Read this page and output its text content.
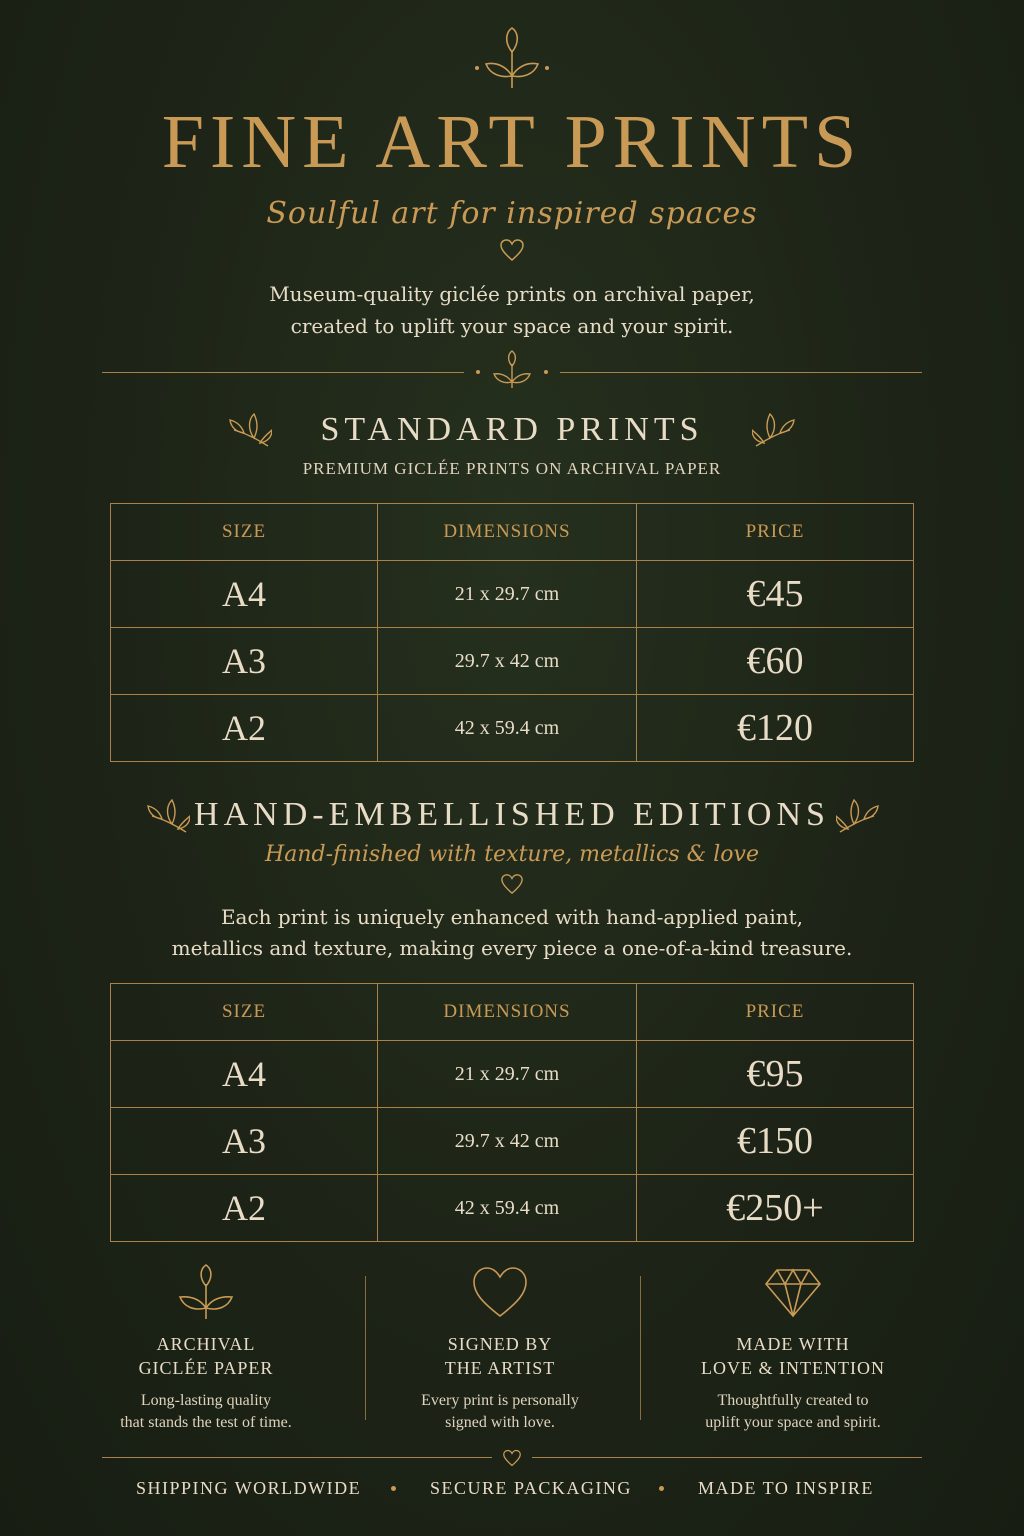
FINE ART PRINTS
Soulful art for inspired spaces
Museum-quality giclée prints on archival paper,
created to uplift your space and your spirit.
STANDARD PRINTS
PREMIUM GICLÉE PRINTS ON ARCHIVAL PAPER
SIZE	DIMENSIONS	PRICE
A4	21 x 29.7 cm	€45
A3	29.7 x 42 cm	€60
A2	42 x 59.4 cm	€120
HAND-EMBELLISHED EDITIONS
Hand-finished with texture, metallics & love
Each print is uniquely enhanced with hand-applied paint,
metallics and texture, making every piece a one-of-a-kind treasure.
SIZE	DIMENSIONS	PRICE
A4	21 x 29.7 cm	€95
A3	29.7 x 42 cm	€150
A2	42 x 59.4 cm	€250+
ARCHIVAL
GICLÉE PAPER
Long-lasting quality
that stands the test of time.
SIGNED BY
THE ARTIST
Every print is personally
signed with love.
MADE WITH
LOVE & INTENTION
Thoughtfully created to
uplift your space and spirit.
SHIPPING WORLDWIDE	SECURE PACKAGING	MADE TO INSPIRE
